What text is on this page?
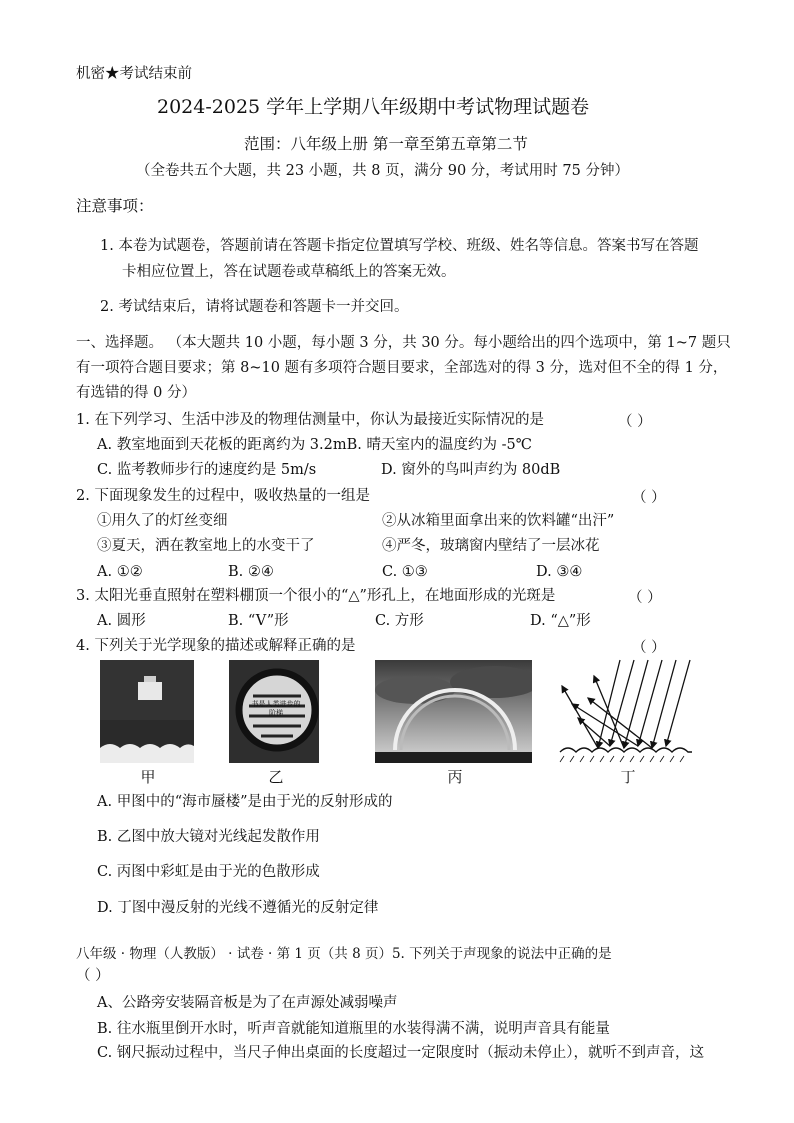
机密★考试结束前
2024-2025 学年上学期八年级期中考试物理试题卷
范围：八年级上册 第一章至第五章第二节
（全卷共五个大题，共 23 小题，共 8 页，满分 90 分，考试用时 75 分钟）
注意事项：
1. 本卷为试题卷，答题前请在答题卡指定位置填写学校、班级、姓名等信息。答案书写在答题
卡相应位置上，答在试题卷或草稿纸上的答案无效。
2. 考试结束后，请将试题卷和答题卡一并交回。
一、选择题。 （本大题共 10 小题，每小题 3 分，共 30 分。每小题给出的四个选项中，第 1~7 题只
有一项符合题目要求；第 8~10 题有多项符合题目要求，全部选对的得 3 分，选对但不全的得 1 分，
有选错的得 0 分）
1. 在下列学习、生活中涉及的物理估测量中，你认为最接近实际情况的是	（ ）
A. 教室地面到天花板的距离约为 3.2mB. 晴天室内的温度约为 -5℃
C. 监考教师步行的速度约是 5m/s	D. 窗外的鸟叫声约为 80dB
2. 下面现象发生的过程中，吸收热量的一组是	（ ）
①用久了的灯丝变细	②从冰箱里面拿出来的饮料罐“出汗”
③夏天，洒在教室地上的水变干了	④严冬，玻璃窗内壁结了一层冰花
A. ①②	B. ②④	C. ①③	D. ③④
3. 太阳光垂直照射在塑料棚顶一个很小的“△”形孔上，在地面形成的光斑是	（ ）
A. 圆形	B. “V”形	C. 方形	D. “△”形
4. 下列关于光学现象的描述或解释正确的是	（ ）
甲
书是人类进步的阶梯
乙	丙	丁
A. 甲图中的“海市蜃楼”是由于光的反射形成的
B. 乙图中放大镜对光线起发散作用
C. 丙图中彩虹是由于光的色散形成
D. 丁图中漫反射的光线不遵循光的反射定律
八年级 · 物理（人教版） · 试卷 · 第 1 页（共 8 页）5. 下列关于声现象的说法中正确的是
（ ）
A、公路旁安装隔音板是为了在声源处减弱噪声
B. 往水瓶里倒开水时，听声音就能知道瓶里的水装得满不满，说明声音具有能量
C. 钢尺振动过程中，当尺子伸出桌面的长度超过一定限度时（振动未停止），就听不到声音，这
